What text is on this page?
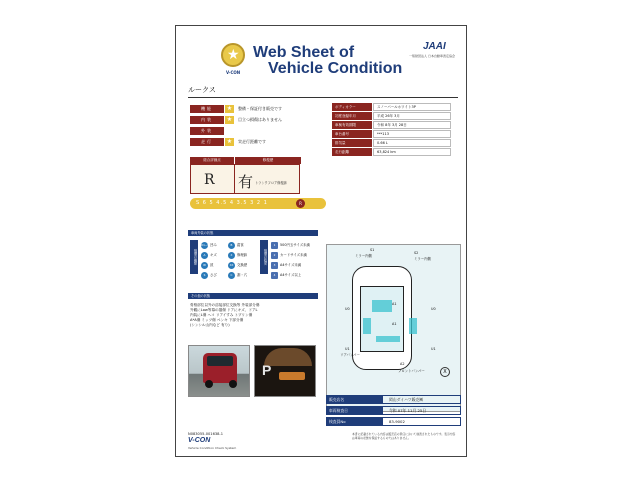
★
V-CON
Web Sheet of
Vehicle Condition
JAAI
一般財団法人 日本自動車査定協会
ルークス
機能	★	整備・保証付き販売です
内装	★	目立つ損傷はありません
外装
走行	★	実走行距離です
ボディカラー	スノーパールホワイト3P
初度登録年月	平成 26年 3月
車検有効期限	令和 8年 3月 28日
車台番号	***113
排気量	0.66 L
走行距離	63,824 km
総合評価点	修復歴
R 有 トランクフロア修復跡
S 6 5 4.5 4 3.5 3 2 1	R
車両外装の状態
損傷の種類	損傷の程度
D1~W6
凹み
A	キズ
W	波
S	さび
B	腐食
X	修理跡
XX	交換歴
C	割・穴
1	500円玉サイズ未満
2	カードサイズ未満
3	A4サイズ未満
4	A4サイズ以上
その他の状態
骨格部位以外の溶接部位交換等 外装部分傷
外観にLow等幕の損傷 ドアにキズ、ドアL
内装にL傷 ヘコ リアイすみ トプリン傷
A*A傷 ミッツ傷 ペンキ 下部分傷
(シンシル山内など 有り)
P
S1
ミラー内側
S2
ミラー内側
U0	U0
A1
A1
A2
U1	U1
リアバンパー
フロントバンパー	X
販売店名	岡山ダイハツ販売㈱
車両検査日	令和 07年 11月 25日
検査員No	83-9002
N083055-001638-1
V-CON
Vehicle Condition Check System
本書に記載されている内容は販売店の責任において検査されたものです。表示内容は車両の状態を保証するものではありません。
